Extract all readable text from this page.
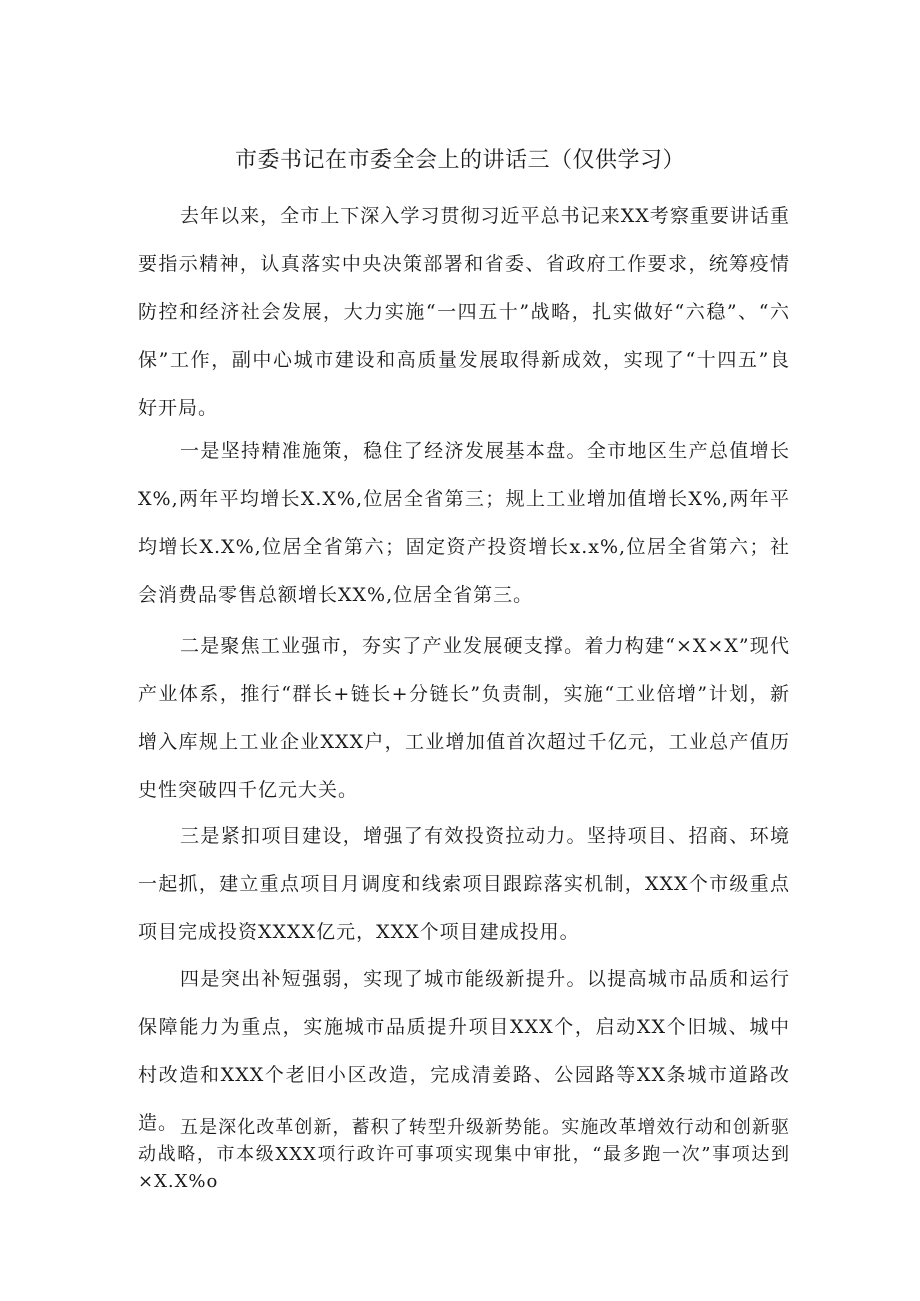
市委书记在市委全会上的讲话三（仅供学习）

去年以来，全市上下深入学习贯彻习近平总书记来XX考察重要讲话重要指示精神，认真落实中央决策部署和省委、省政府工作要求，统筹疫情防控和经济社会发展，大力实施“一四五十”战略，扎实做好“六稳”、“六保”工作，副中心城市建设和高质量发展取得新成效，实现了“十四五”良好开局。

一是坚持精准施策，稳住了经济发展基本盘。全市地区生产总值增长X%,两年平均增长X.X%,位居全省第三；规上工业增加值增长X%,两年平均增长X.X%,位居全省第六；固定资产投资增长x.x%,位居全省第六；社会消费品零售总额增长XX%,位居全省第三。

二是聚焦工业强市，夯实了产业发展硬支撑。着力构建“×X×X”现代产业体系，推行“群长+链长+分链长”负责制，实施“工业倍增”计划，新增入库规上工业企业XXX户，工业增加值首次超过千亿元，工业总产值历史性突破四千亿元大关。

三是紧扣项目建设，增强了有效投资拉动力。坚持项目、招商、环境一起抓，建立重点项目月调度和线索项目跟踪落实机制，XXX个市级重点项目完成投资XXXX亿元，XXX个项目建成投用。

四是突出补短强弱，实现了城市能级新提升。以提高城市品质和运行保障能力为重点，实施城市品质提升项目XXX个，启动XX个旧城、城中村改造和XXX个老旧小区改造，完成清姜路、公园路等XX条城市道路改造。 五是深化改革创新，蓄积了转型升级新势能。实施改革增效行动和创新驱动战略，市本级XXX项行政许可事项实现集中审批，“最多跑一次”事项达到×X.X%o
